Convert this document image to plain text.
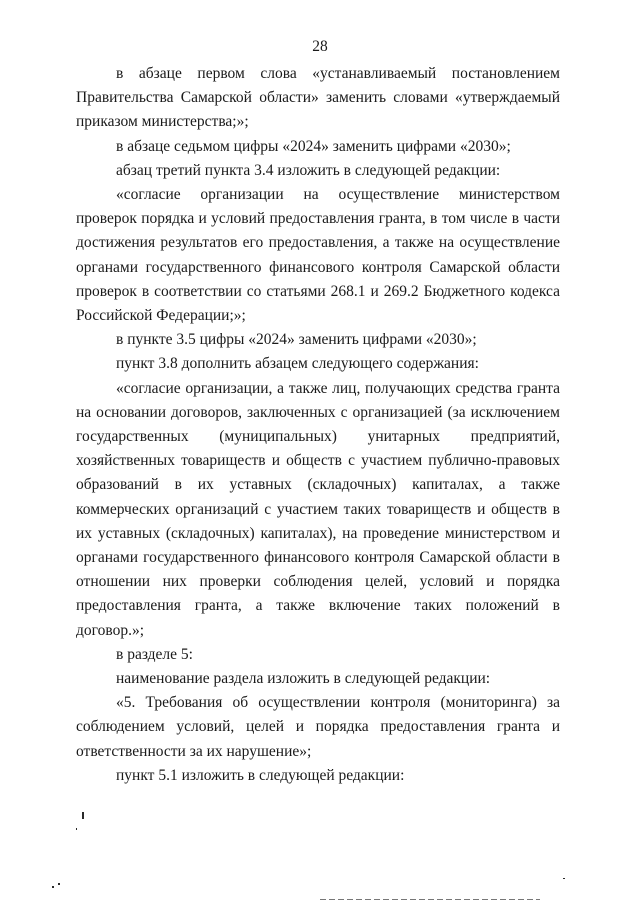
28

в абзаце первом слова «устанавливаемый постановлением Правительства Самарской области» заменить словами «утверждаемый приказом министерства;»;

в абзаце седьмом цифры «2024» заменить цифрами «2030»;

абзац третий пункта 3.4 изложить в следующей редакции:

«согласие организации на осуществление министерством проверок порядка и условий предоставления гранта, в том числе в части достижения результатов его предоставления, а также на осуществление органами государственного финансового контроля Самарской области проверок в соответствии со статьями 268.1 и 269.2 Бюджетного кодекса Российской Федерации;»;

в пункте 3.5 цифры «2024» заменить цифрами «2030»;

пункт 3.8 дополнить абзацем следующего содержания:

«согласие организации, а также лиц, получающих средства гранта на основании договоров, заключенных с организацией (за исключением государственных (муниципальных) унитарных предприятий, хозяйственных товариществ и обществ с участием публично-правовых образований в их уставных (складочных) капиталах, а также коммерческих организаций с участием таких товариществ и обществ в их уставных (складочных) капиталах), на проведение министерством и органами государственного финансового контроля Самарской области в отношении них проверки соблюдения целей, условий и порядка предоставления гранта, а также включение таких положений в договор.»;

в разделе 5:

наименование раздела изложить в следующей редакции:

«5. Требования об осуществлении контроля (мониторинга) за соблюдением условий, целей и порядка предоставления гранта и ответственности за их нарушение»;

пункт 5.1 изложить в следующей редакции:
